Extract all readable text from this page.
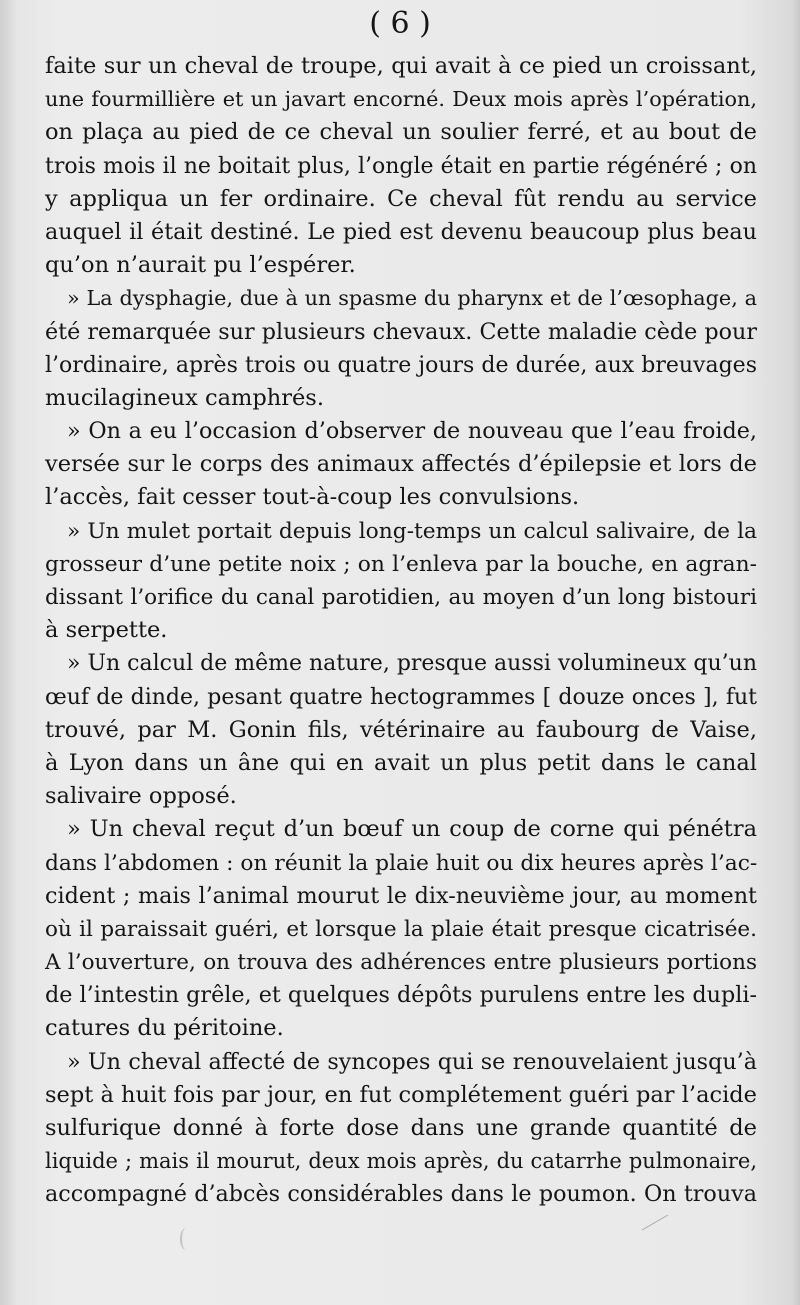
( 6 )
faite sur un cheval de troupe, qui avait à ce pied un croissant,
une fourmillière et un javart encorné. Deux mois après l’opération,
on plaça au pied de ce cheval un soulier ferré, et au bout de
trois mois il ne boitait plus, l’ongle était en partie régénéré ; on
y appliqua un fer ordinaire. Ce cheval fût rendu au service
auquel il était destiné. Le pied est devenu beaucoup plus beau
qu’on n’aurait pu l’espérer.
» La dysphagie, due à un spasme du pharynx et de l’œsophage, a
été remarquée sur plusieurs chevaux. Cette maladie cède pour
l’ordinaire, après trois ou quatre jours de durée, aux breuvages
mucilagineux camphrés.
» On a eu l’occasion d’observer de nouveau que l’eau froide,
versée sur le corps des animaux affectés d’épilepsie et lors de
l’accès, fait cesser tout-à-coup les convulsions.
» Un mulet portait depuis long-temps un calcul salivaire, de la
grosseur d’une petite noix ; on l’enleva par la bouche, en agran-
dissant l’orifice du canal parotidien, au moyen d’un long bistouri
à serpette.
» Un calcul de même nature, presque aussi volumineux qu’un
œuf de dinde, pesant quatre hectogrammes [ douze onces ], fut
trouvé, par M. Gonin fils, vétérinaire au faubourg de Vaise,
à Lyon dans un âne qui en avait un plus petit dans le canal
salivaire opposé.
» Un cheval reçut d’un bœuf un coup de corne qui pénétra
dans l’abdomen : on réunit la plaie huit ou dix heures après l’ac-
cident ; mais l’animal mourut le dix-neuvième jour, au moment
où il paraissait guéri, et lorsque la plaie était presque cicatrisée.
A l’ouverture, on trouva des adhérences entre plusieurs portions
de l’intestin grêle, et quelques dépôts purulens entre les dupli-
catures du péritoine.
» Un cheval affecté de syncopes qui se renouvelaient jusqu’à
sept à huit fois par jour, en fut complétement guéri par l’acide
sulfurique donné à forte dose dans une grande quantité de
liquide ; mais il mourut, deux mois après, du catarrhe pulmonaire,
accompagné d’abcès considérables dans le poumon. On trouva
